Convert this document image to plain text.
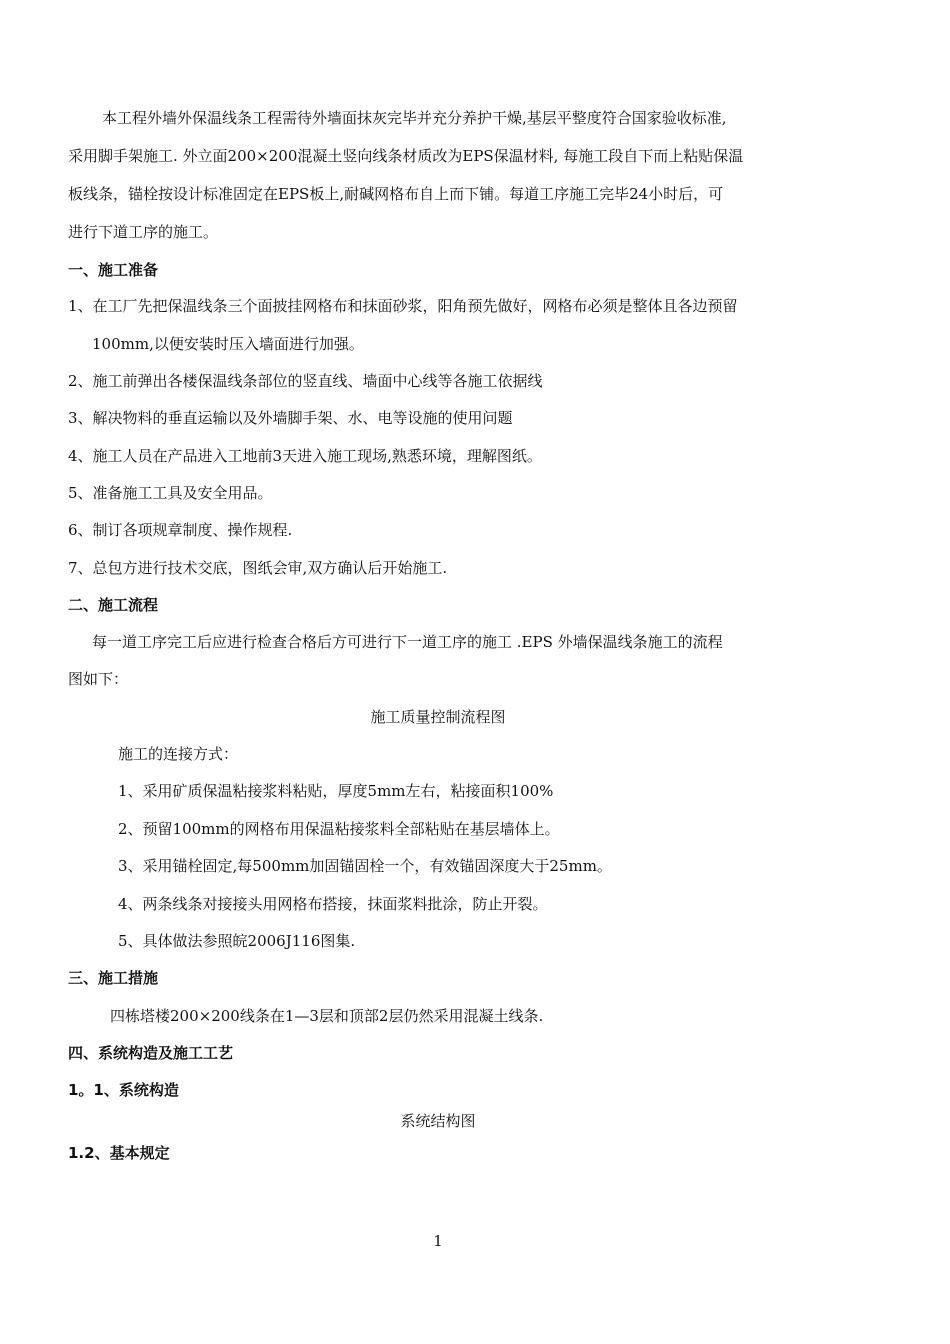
本工程外墙外保温线条工程需待外墙面抹灰完毕并充分养护干燥,基层平整度符合国家验收标准,
采用脚手架施工. 外立面200×200混凝土竖向线条材质改为EPS保温材料, 每施工段自下而上粘贴保温
板线条，锚栓按设计标准固定在EPS板上,耐碱网格布自上而下铺。每道工序施工完毕24小时后，可
进行下道工序的施工。
一、施工准备
1、在工厂先把保温线条三个面披挂网格布和抹面砂浆，阳角预先做好，网格布必须是整体且各边预留
100mm,以便安装时压入墙面进行加强。
2、施工前弹出各楼保温线条部位的竖直线、墙面中心线等各施工依据线
3、解决物料的垂直运输以及外墙脚手架、水、电等设施的使用问题
4、施工人员在产品进入工地前3天进入施工现场,熟悉环境，理解图纸。
5、准备施工工具及安全用品。
6、制订各项规章制度、操作规程.
7、总包方进行技术交底，图纸会审,双方确认后开始施工.
二、施工流程
每一道工序完工后应进行检查合格后方可进行下一道工序的施工 .EPS 外墙保温线条施工的流程
图如下：
施工质量控制流程图
施工的连接方式：
1、采用矿质保温粘接浆料粘贴，厚度5mm左右，粘接面积100%
2、预留100mm的网格布用保温粘接浆料全部粘贴在基层墙体上。
3、采用锚栓固定,每500mm加固锚固栓一个，有效锚固深度大于25mm。
4、两条线条对接接头用网格布搭接，抹面浆料批涂，防止开裂。
5、具体做法参照皖2006J116图集.
三、施工措施
四栋塔楼200×200线条在1—3层和顶部2层仍然采用混凝土线条.
四、系统构造及施工工艺
1。1、系统构造
系统结构图
1.2、基本规定
1
